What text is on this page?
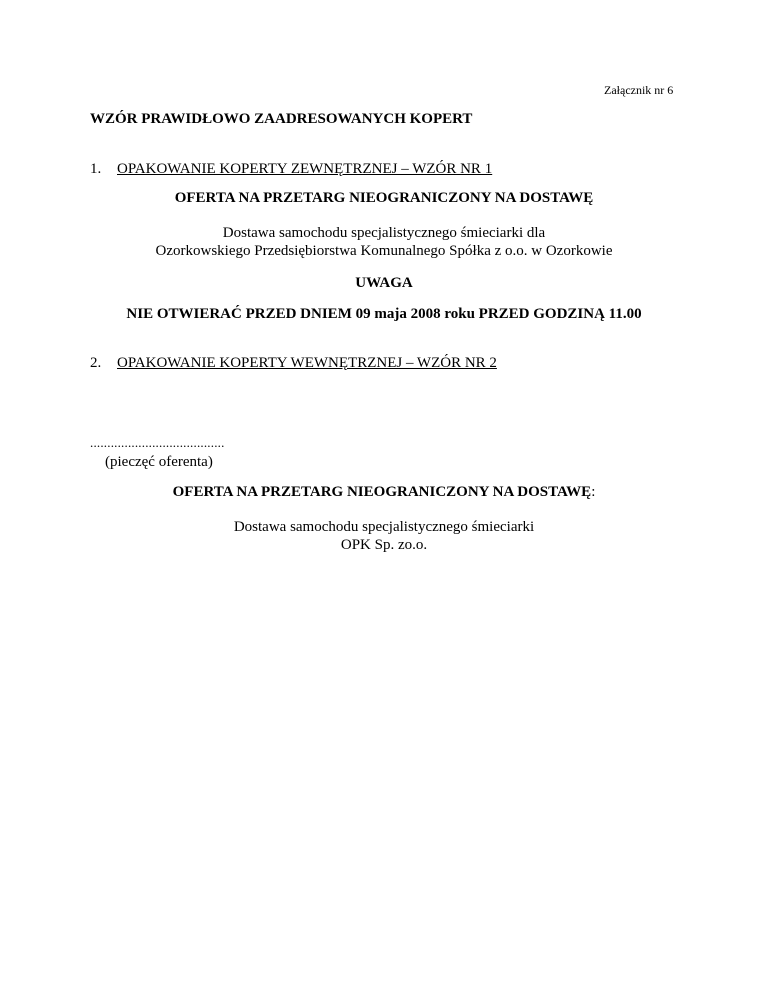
Załącznik nr 6
WZÓR PRAWIDŁOWO ZAADRESOWANYCH KOPERT
1. OPAKOWANIE KOPERTY ZEWNĘTRZNEJ – WZÓR NR 1
OFERTA NA PRZETARG NIEOGRANICZONY NA DOSTAWĘ
Dostawa samochodu specjalistycznego śmieciarki dla
Ozorkowskiego Przedsiębiorstwa Komunalnego Spółka z o.o. w Ozorkowie
UWAGA
NIE OTWIERAĆ PRZED DNIEM 09 maja 2008 roku PRZED GODZINĄ 11.00
2. OPAKOWANIE KOPERTY WEWNĘTRZNEJ – WZÓR NR 2
.......................................
(pieczęć oferenta)
OFERTA NA PRZETARG NIEOGRANICZONY NA DOSTAWĘ:
Dostawa samochodu specjalistycznego śmieciarki
OPK Sp. zo.o.
